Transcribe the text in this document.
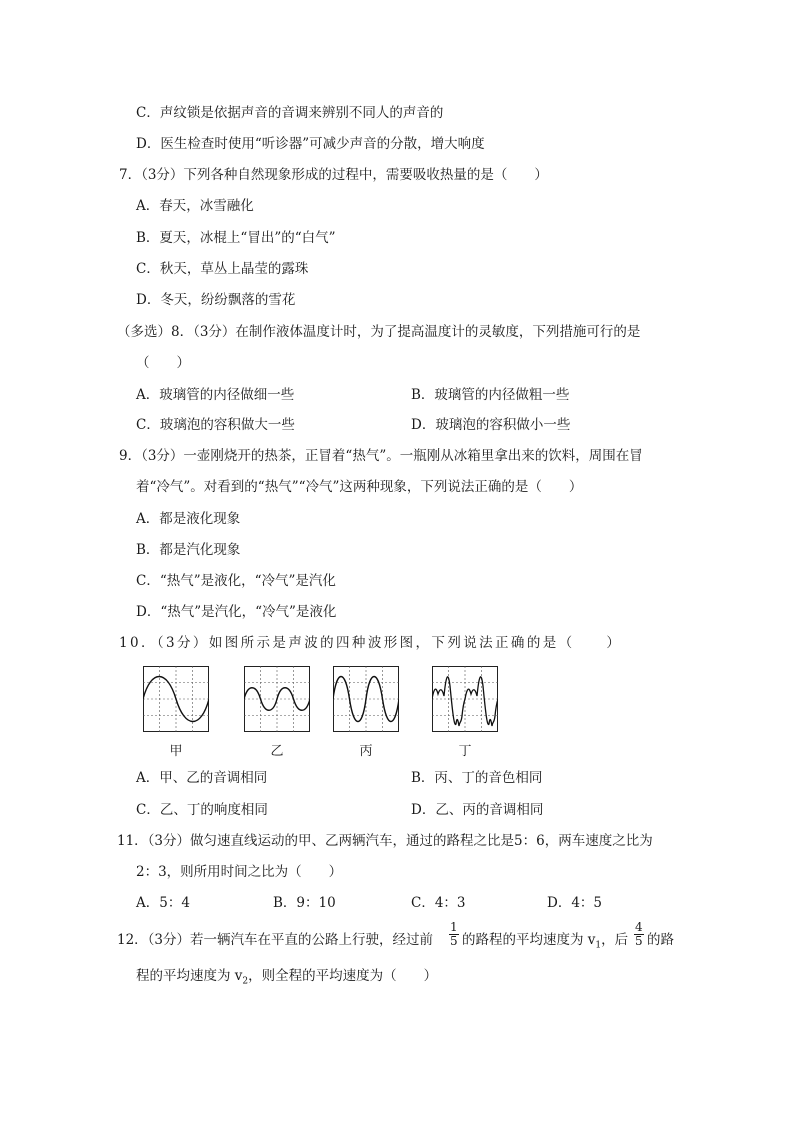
C．声纹锁是依据声音的音调来辨别不同人的声音的
D．医生检查时使用“听诊器”可减少声音的分散，增大响度
7．（3分）下列各种自然现象形成的过程中，需要吸收热量的是（　　）
A．春天，冰雪融化
B．夏天，冰棍上“冒出”的“白气”
C．秋天，草丛上晶莹的露珠
D．冬天，纷纷飘落的雪花
（多选）8．（3分）在制作液体温度计时，为了提高温度计的灵敏度，下列措施可行的是
（　　）
A．玻璃管的内径做细一些	B．玻璃管的内径做粗一些
C．玻璃泡的容积做大一些	D．玻璃泡的容积做小一些
9．（3分）一壶刚烧开的热茶，正冒着“热气”。一瓶刚从冰箱里拿出来的饮料，周围在冒
着“冷气”。对看到的“热气”“冷气”这两种现象，下列说法正确的是（　　）
A．都是液化现象
B．都是汽化现象
C．“热气”是液化，“冷气”是汽化
D．“热气”是汽化，“冷气”是液化
10．（3分）如图所示是声波的四种波形图，下列说法正确的是（　　）
甲	乙	丙	丁
A．甲、乙的音调相同	B．丙、丁的音色相同
C．乙、丁的响度相同	D．乙、丙的音调相同
11．（3分）做匀速直线运动的甲、乙两辆汽车，通过的路程之比是5：6，两车速度之比为
2：3，则所用时间之比为（　　）
A．5：4	B．9：10	C．4：3	D．4：5
12．（3分）若一辆汽车在平直的公路上行驶，经过前 $\frac{1}{5}$ 的路程的平均速度为 $v_1$，后 $\frac{4}{5}$ 的路
程的平均速度为 $v_2$，则全程的平均速度为（　　）
